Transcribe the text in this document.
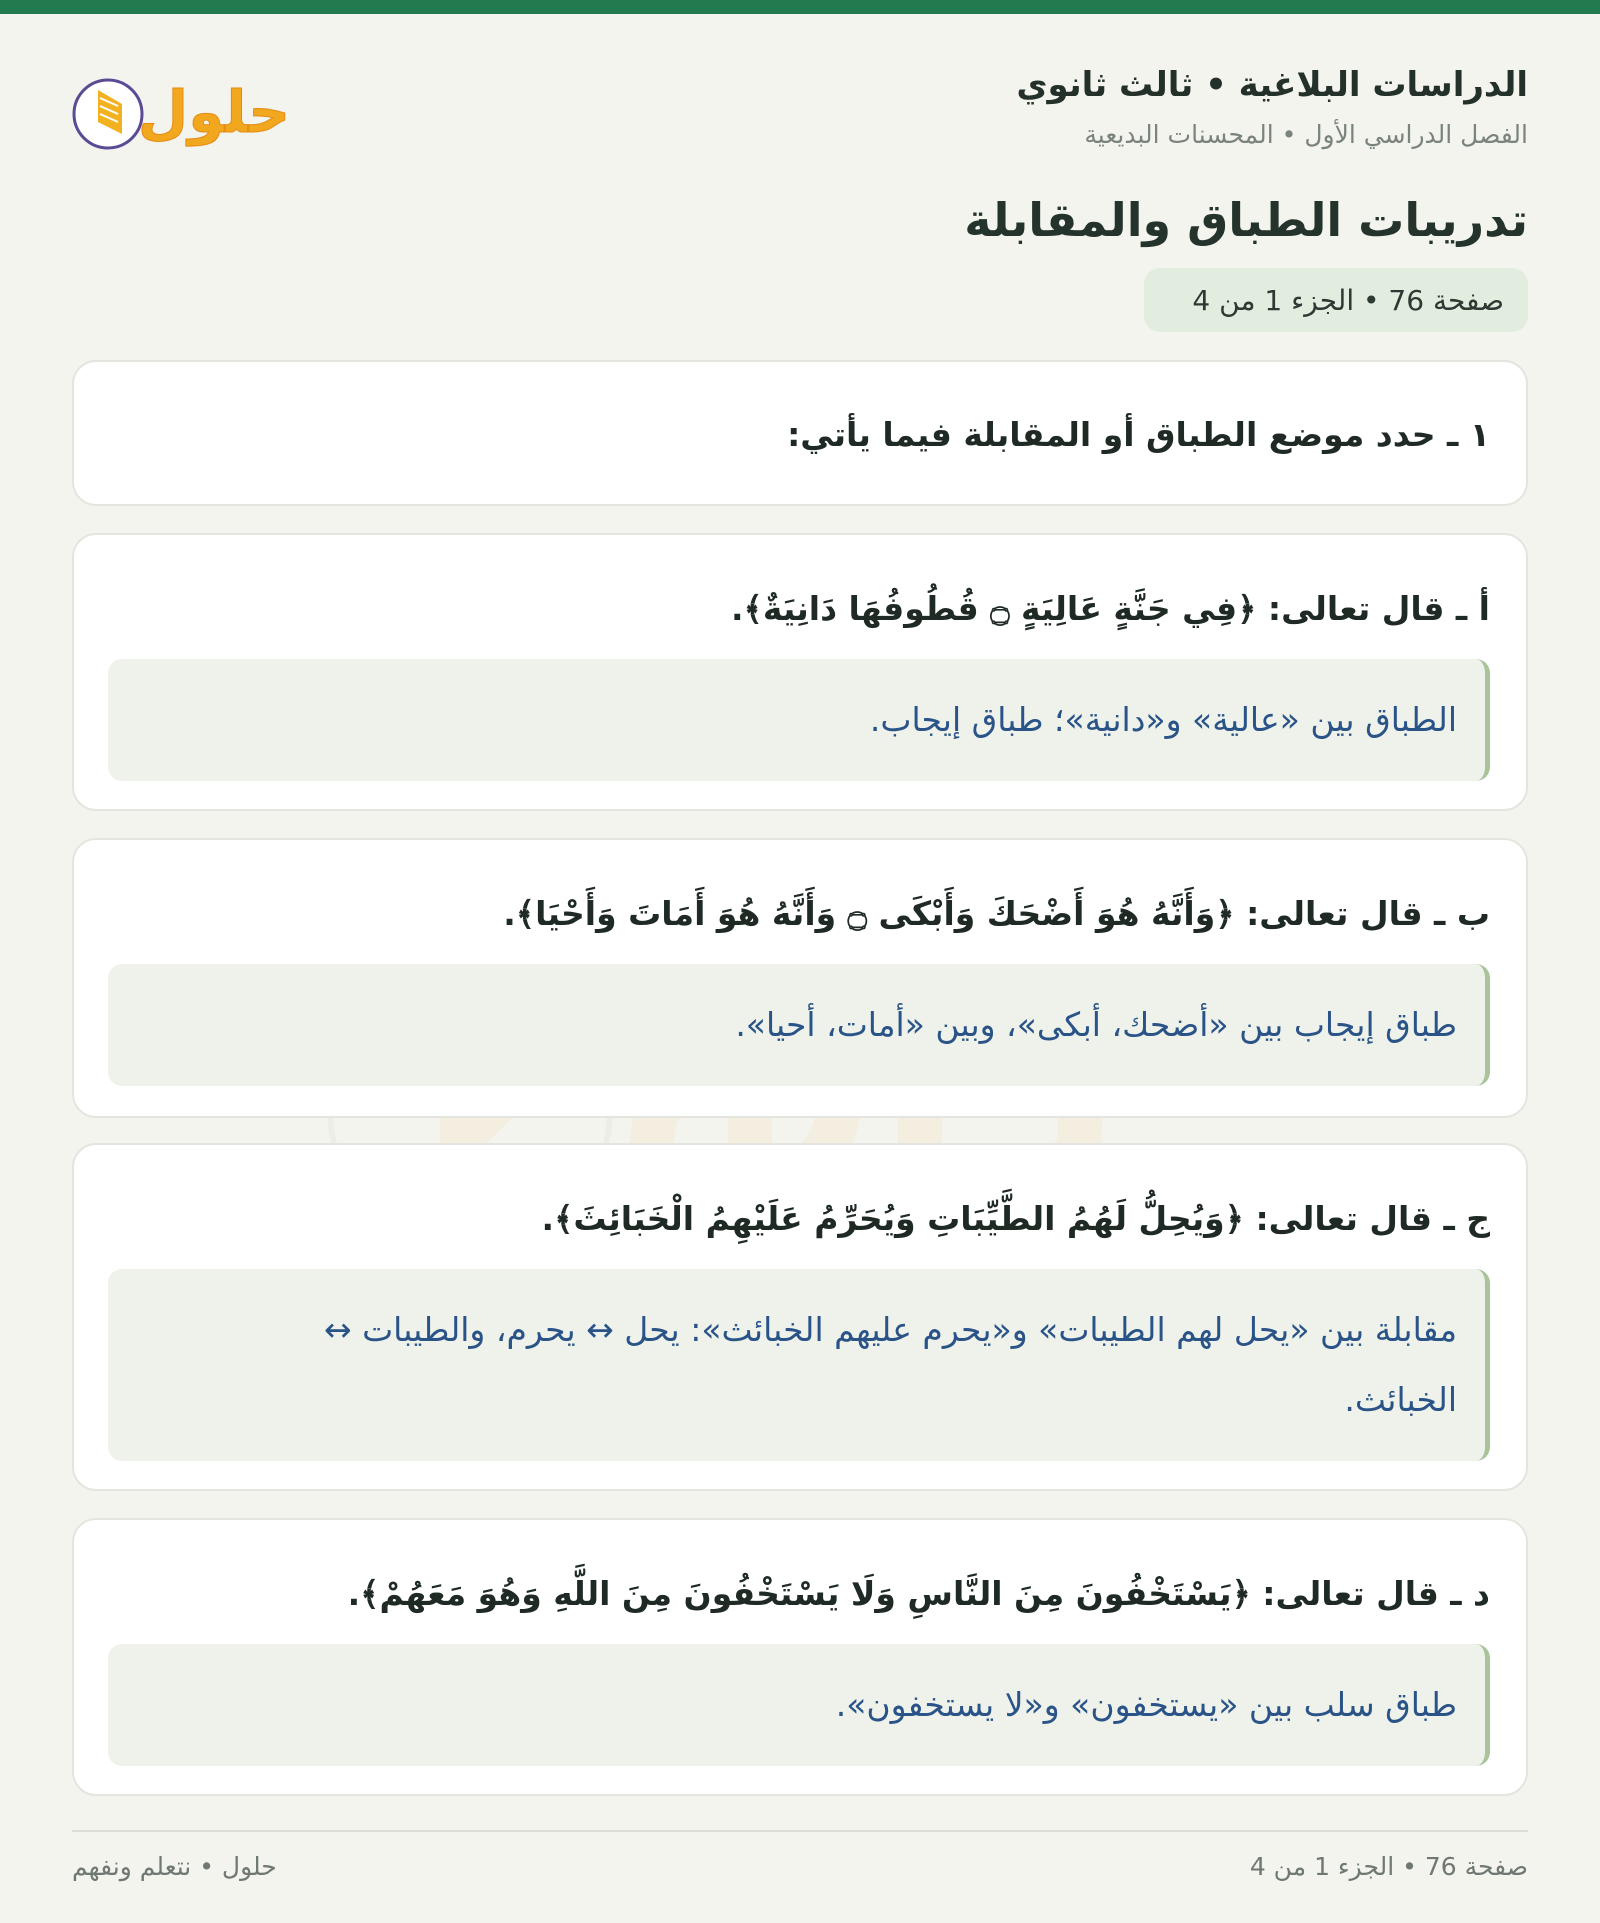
الدراسات البلاغية • ثالث ثانوي
الفصل الدراسي الأول • المحسنات البديعية
حلول
تدريبات الطباق والمقابلة
صفحة 76 • الجزء 1 من 4
١ ـ حدد موضع الطباق أو المقابلة فيما يأتي:
أ ـ قال تعالى: ﴿فِي جَنَّةٍ عَالِيَةٍ ۝ قُطُوفُهَا دَانِيَةٌ﴾.
الطباق بين «عالية» و«دانية»؛ طباق إيجاب.
ب ـ قال تعالى: ﴿وَأَنَّهُ هُوَ أَضْحَكَ وَأَبْكَى ۝ وَأَنَّهُ هُوَ أَمَاتَ وَأَحْيَا﴾.
طباق إيجاب بين «أضحك، أبكى»، وبين «أمات، أحيا».
ج ـ قال تعالى: ﴿وَيُحِلُّ لَهُمُ الطَّيِّبَاتِ وَيُحَرِّمُ عَلَيْهِمُ الْخَبَائِثَ﴾.
مقابلة بين «يحل لهم الطيبات» و«يحرم عليهم الخبائث»: يحل ↔ يحرم، والطيبات ↔
الخبائث.
د ـ قال تعالى: ﴿يَسْتَخْفُونَ مِنَ النَّاسِ وَلَا يَسْتَخْفُونَ مِنَ اللَّهِ وَهُوَ مَعَهُمْ﴾.
طباق سلب بين «يستخفون» و«لا يستخفون».
صفحة 76 • الجزء 1 من 4
حلول • نتعلم ونفهم
